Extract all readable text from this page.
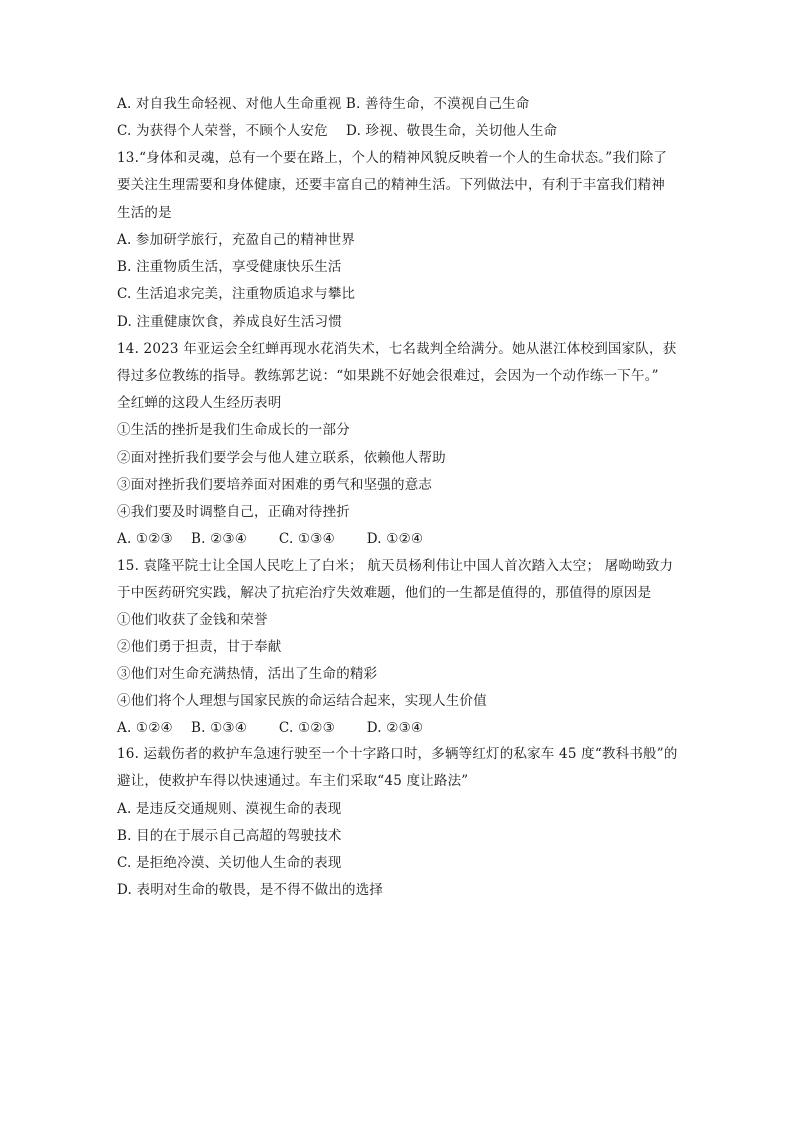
A. 对自我生命轻视、对他人生命重视 B. 善待生命，不漠视自己生命
C. 为获得个人荣誉，不顾个人安危　 D. 珍视、敬畏生命，关切他人生命
13.“身体和灵魂，总有一个要在路上，个人的精神风貌反映着一个人的生命状态。”我们除了
要关注生理需要和身体健康，还要丰富自己的精神生活。下列做法中，有利于丰富我们精神
生活的是
A. 参加研学旅行，充盈自己的精神世界
B. 注重物质生活，享受健康快乐生活
C. 生活追求完美，注重物质追求与攀比
D. 注重健康饮食，养成良好生活习惯
14. 2023 年亚运会全红蝉再现水花消失术，七名裁判全给满分。她从湛江体校到国家队，获
得过多位教练的指导。教练郭艺说：“如果跳不好她会很难过，会因为一个动作练一下午。”
全红蝉的这段人生经历表明
①生活的挫折是我们生命成长的一部分
②面对挫折我们要学会与他人建立联系，依赖他人帮助
③面对挫折我们要培养面对困难的勇气和坚强的意志
④我们要及时调整自己，正确对待挫折
A. ①②③　 B. ②③④　　 C. ①③④　　 D. ①②④
15. 袁隆平院士让全国人民吃上了白米； 航天员杨利伟让中国人首次踏入太空； 屠呦呦致力
于中医药研究实践，解决了抗疟治疗失效难题，他们的一生都是值得的，那值得的原因是
①他们收获了金钱和荣誉
②他们勇于担责，甘于奉献
③他们对生命充满热情，活出了生命的精彩
④他们将个人理想与国家民族的命运结合起来，实现人生价值
A. ①②④　 B. ①③④　　 C. ①②③　　 D. ②③④
16. 运载伤者的救护车急速行驶至一个十字路口时，多辆等红灯的私家车 45 度“教科书般”的
避让，使救护车得以快速通过。车主们采取“45 度让路法”
A. 是违反交通规则、漠视生命的表现
B. 目的在于展示自己高超的驾驶技术
C. 是拒绝冷漠、关切他人生命的表现
D. 表明对生命的敬畏，是不得不做出的选择
